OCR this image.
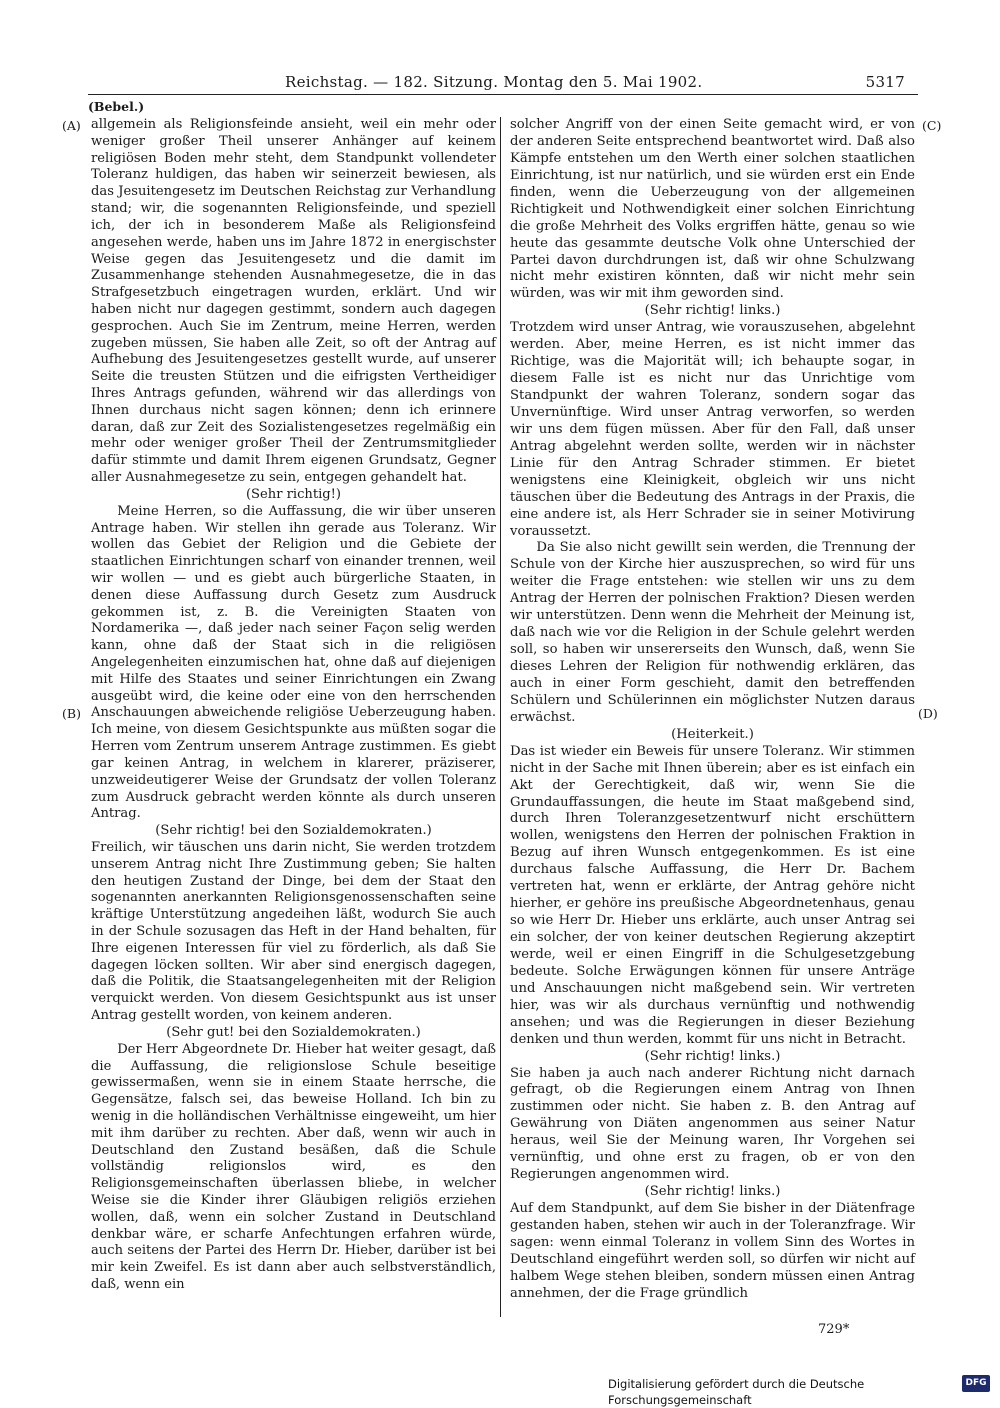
Reichstag. — 182. Sitzung. Montag den 5. Mai 1902.	5317
(Bebel.)
(A)
(B)
(C)
(D)

allgemein als Religionsfeinde ansieht, weil ein mehr oder weniger großer Theil unserer Anhänger auf keinem religiösen Boden mehr steht, dem Standpunkt vollendeter Toleranz huldigen, das haben wir seinerzeit bewiesen, als das Jesuitengesetz im Deutschen Reichstag zur Verhandlung stand; wir, die sogenannten Religionsfeinde, und speziell ich, der ich in besonderem Maße als Religionsfeind angesehen werde, haben uns im Jahre 1872 in energischster Weise gegen das Jesuitengesetz und die damit im Zusammenhange stehenden Ausnahmegesetze, die in das Strafgesetzbuch eingetragen wurden, erklärt. Und wir haben nicht nur dagegen gestimmt, sondern auch dagegen gesprochen. Auch Sie im Zentrum, meine Herren, werden zugeben müssen, Sie haben alle Zeit, so oft der Antrag auf Aufhebung des Jesuitengesetzes gestellt wurde, auf unserer Seite die treusten Stützen und die eifrigsten Vertheidiger Ihres Antrags gefunden, während wir das allerdings von Ihnen durchaus nicht sagen können; denn ich erinnere daran, daß zur Zeit des Sozialistengesetzes regelmäßig ein mehr oder weniger großer Theil der Zentrumsmitglieder dafür stimmte und damit Ihrem eigenen Grundsatz, Gegner aller Ausnahmegesetze zu sein, entgegen gehandelt hat.

(Sehr richtig!)

Meine Herren, so die Auffassung, die wir über unseren Antrage haben. Wir stellen ihn gerade aus Toleranz. Wir wollen das Gebiet der Religion und die Gebiete der staatlichen Einrichtungen scharf von einander trennen, weil wir wollen — und es giebt auch bürgerliche Staaten, in denen diese Auffassung durch Gesetz zum Ausdruck gekommen ist, z. B. die Vereinigten Staaten von Nordamerika —, daß jeder nach seiner Façon selig werden kann, ohne daß der Staat sich in die religiösen Angelegenheiten einzumischen hat, ohne daß auf diejenigen mit Hilfe des Staates und seiner Einrichtungen ein Zwang ausgeübt wird, die keine oder eine von den herrschenden Anschauungen abweichende religiöse Ueberzeugung haben. Ich meine, von diesem Gesichtspunkte aus müßten sogar die Herren vom Zentrum unserem Antrage zustimmen. Es giebt gar keinen Antrag, in welchem in klarerer, präziserer, unzweideutigerer Weise der Grundsatz der vollen Toleranz zum Ausdruck gebracht werden könnte als durch unseren Antrag.

(Sehr richtig! bei den Sozialdemokraten.)

Freilich, wir täuschen uns darin nicht, Sie werden trotzdem unserem Antrag nicht Ihre Zustimmung geben; Sie halten den heutigen Zustand der Dinge, bei dem der Staat den sogenannten anerkannten Religionsgenossenschaften seine kräftige Unterstützung angedeihen läßt, wodurch Sie auch in der Schule sozusagen das Heft in der Hand behalten, für Ihre eigenen Interessen für viel zu förderlich, als daß Sie dagegen löcken sollten. Wir aber sind energisch dagegen, daß die Politik, die Staatsangelegenheiten mit der Religion verquickt werden. Von diesem Gesichtspunkt aus ist unser Antrag gestellt worden, von keinem anderen.

(Sehr gut! bei den Sozialdemokraten.)

Der Herr Abgeordnete Dr. Hieber hat weiter gesagt, daß die Auffassung, die religionslose Schule beseitige gewissermaßen, wenn sie in einem Staate herrsche, die Gegensätze, falsch sei, das beweise Holland. Ich bin zu wenig in die holländischen Verhältnisse eingeweiht, um hier mit ihm darüber zu rechten. Aber daß, wenn wir auch in Deutschland den Zustand besäßen, daß die Schule vollständig religionslos wird, es den Religionsgemeinschaften überlassen bliebe, in welcher Weise sie die Kinder ihrer Gläubigen religiös erziehen wollen, daß, wenn ein solcher Zustand in Deutschland denkbar wäre, er scharfe Anfechtungen erfahren würde, auch seitens der Partei des Herrn Dr. Hieber, darüber ist bei mir kein Zweifel. Es ist dann aber auch selbstverständlich, daß, wenn ein

solcher Angriff von der einen Seite gemacht wird, er von der anderen Seite entsprechend beantwortet wird. Daß also Kämpfe entstehen um den Werth einer solchen staatlichen Einrichtung, ist nur natürlich, und sie würden erst ein Ende finden, wenn die Ueberzeugung von der allgemeinen Richtigkeit und Nothwendigkeit einer solchen Einrichtung die große Mehrheit des Volks ergriffen hätte, genau so wie heute das gesammte deutsche Volk ohne Unterschied der Partei davon durchdrungen ist, daß wir ohne Schulzwang nicht mehr existiren könnten, daß wir nicht mehr sein würden, was wir mit ihm geworden sind.

(Sehr richtig! links.)

Trotzdem wird unser Antrag, wie vorauszusehen, abgelehnt werden. Aber, meine Herren, es ist nicht immer das Richtige, was die Majorität will; ich behaupte sogar, in diesem Falle ist es nicht nur das Unrichtige vom Standpunkt der wahren Toleranz, sondern sogar das Unvernünftige. Wird unser Antrag verworfen, so werden wir uns dem fügen müssen. Aber für den Fall, daß unser Antrag abgelehnt werden sollte, werden wir in nächster Linie für den Antrag Schrader stimmen. Er bietet wenigstens eine Kleinigkeit, obgleich wir uns nicht täuschen über die Bedeutung des Antrags in der Praxis, die eine andere ist, als Herr Schrader sie in seiner Motivirung voraussetzt.

Da Sie also nicht gewillt sein werden, die Trennung der Schule von der Kirche hier auszusprechen, so wird für uns weiter die Frage entstehen: wie stellen wir uns zu dem Antrag der Herren der polnischen Fraktion? Diesen werden wir unterstützen. Denn wenn die Mehrheit der Meinung ist, daß nach wie vor die Religion in der Schule gelehrt werden soll, so haben wir unsererseits den Wunsch, daß, wenn Sie dieses Lehren der Religion für nothwendig erklären, das auch in einer Form geschieht, damit den betreffenden Schülern und Schülerinnen ein möglichster Nutzen daraus erwächst.

(Heiterkeit.)

Das ist wieder ein Beweis für unsere Toleranz. Wir stimmen nicht in der Sache mit Ihnen überein; aber es ist einfach ein Akt der Gerechtigkeit, daß wir, wenn Sie die Grundauffassungen, die heute im Staat maßgebend sind, durch Ihren Toleranzgesetzentwurf nicht erschüttern wollen, wenigstens den Herren der polnischen Fraktion in Bezug auf ihren Wunsch entgegenkommen. Es ist eine durchaus falsche Auffassung, die Herr Dr. Bachem vertreten hat, wenn er erklärte, der Antrag gehöre nicht hierher, er gehöre ins preußische Abgeordnetenhaus, genau so wie Herr Dr. Hieber uns erklärte, auch unser Antrag sei ein solcher, der von keiner deutschen Regierung akzeptirt werde, weil er einen Eingriff in die Schulgesetzgebung bedeute. Solche Erwägungen können für unsere Anträge und Anschauungen nicht maßgebend sein. Wir vertreten hier, was wir als durchaus vernünftig und nothwendig ansehen; und was die Regierungen in dieser Beziehung denken und thun werden, kommt für uns nicht in Betracht.

(Sehr richtig! links.)

Sie haben ja auch nach anderer Richtung nicht darnach gefragt, ob die Regierungen einem Antrag von Ihnen zustimmen oder nicht. Sie haben z. B. den Antrag auf Gewährung von Diäten angenommen aus seiner Natur heraus, weil Sie der Meinung waren, Ihr Vorgehen sei vernünftig, und ohne erst zu fragen, ob er von den Regierungen angenommen wird.

(Sehr richtig! links.)

Auf dem Standpunkt, auf dem Sie bisher in der Diätenfrage gestanden haben, stehen wir auch in der Toleranzfrage. Wir sagen: wenn einmal Toleranz in vollem Sinn des Wortes in Deutschland eingeführt werden soll, so dürfen wir nicht auf halbem Wege stehen bleiben, sondern müssen einen Antrag annehmen, der die Frage gründlich

729*
Digitalisierung gefördert durch die Deutsche Forschungsgemeinschaft
DFG
